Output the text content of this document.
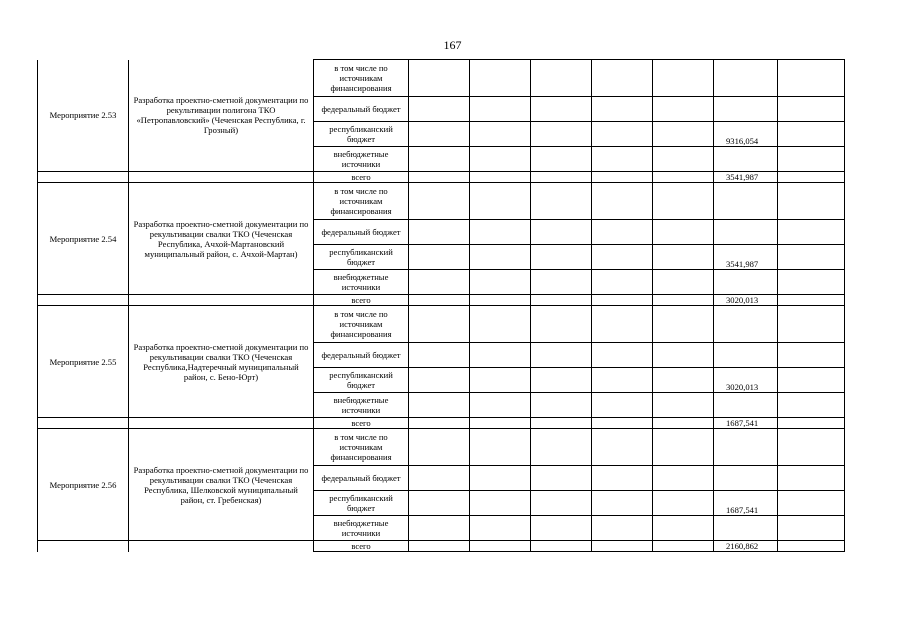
167
Мероприятие 2.53	Разработка проектно-сметной документации по рекультивации полигона ТКО «Петропавловский» (Чеченская Республика, г. Грозный)	в том числе по источникам финансирования							
		федеральный бюджет							
		республиканский бюджет						9316,054	
		внебюджетные источники							
		всего						3541,987	
Мероприятие 2.54	Разработка проектно-сметной документации по рекультивации свалки ТКО (Чеченская Республика, Ачхой-Мартановский муниципальный район, с. Ачхой-Мартан)	в том числе по источникам финансирования							
		федеральный бюджет							
		республиканский бюджет						3541,987	
		внебюджетные источники							
		всего						3020,013	
Мероприятие 2.55	Разработка проектно-сметной документации по рекультивации свалки ТКО (Чеченская Республика,Надтеречный муниципальный район, с. Бено-Юрт)	в том числе по источникам финансирования							
		федеральный бюджет							
		республиканский бюджет						3020,013	
		внебюджетные источники							
		всего						1687,541	
Мероприятие 2.56	Разработка проектно-сметной документации по рекультивации свалки ТКО (Чеченская Республика, Шелковской муниципальный район, ст. Гребенская)	в том числе по источникам финансирования							
		федеральный бюджет							
		республиканский бюджет						1687,541	
		внебюджетные источники							
		всего						2160,862	
